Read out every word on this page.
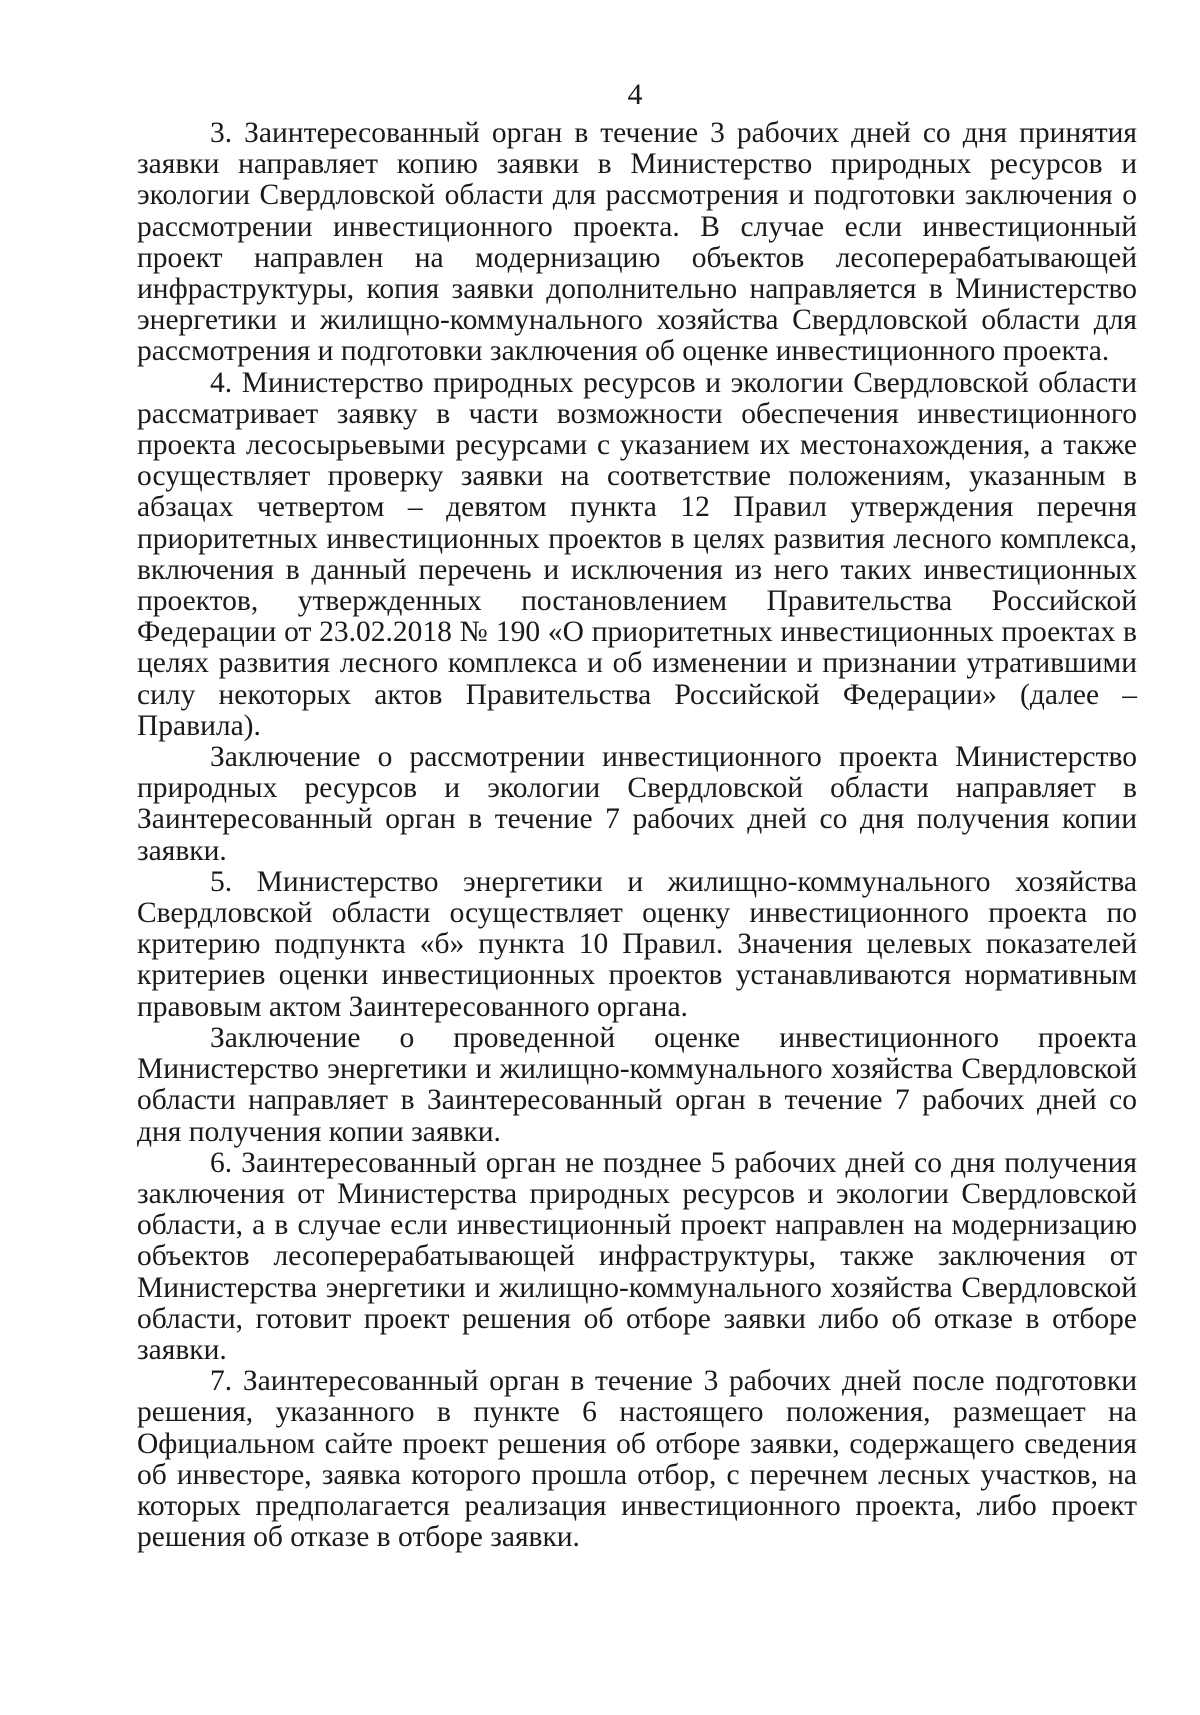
4

3. Заинтересованный орган в течение 3 рабочих дней со дня принятия заявки направляет копию заявки в Министерство природных ресурсов и экологии Свердловской области для рассмотрения и подготовки заключения о рассмотрении инвестиционного проекта. В случае если инвестиционный проект направлен на модернизацию объектов лесоперерабатывающей инфраструктуры, копия заявки дополнительно направляется в Министерство энергетики и жилищно-коммунального хозяйства Свердловской области для рассмотрения и подготовки заключения об оценке инвестиционного проекта.

4. Министерство природных ресурсов и экологии Свердловской области рассматривает заявку в части возможности обеспечения инвестиционного проекта лесосырьевыми ресурсами с указанием их местонахождения, а также осуществляет проверку заявки на соответствие положениям, указанным в абзацах четвертом – девятом пункта 12 Правил утверждения перечня приоритетных инвестиционных проектов в целях развития лесного комплекса, включения в данный перечень и исключения из него таких инвестиционных проектов, утвержденных постановлением Правительства Российской Федерации от 23.02.2018 № 190 «О приоритетных инвестиционных проектах в целях развития лесного комплекса и об изменении и признании утратившими силу некоторых актов Правительства Российской Федерации» (далее – Правила).

Заключение о рассмотрении инвестиционного проекта Министерство природных ресурсов и экологии Свердловской области направляет в Заинтересованный орган в течение 7 рабочих дней со дня получения копии заявки.

5. Министерство энергетики и жилищно-коммунального хозяйства Свердловской области осуществляет оценку инвестиционного проекта по критерию подпункта «б» пункта 10 Правил. Значения целевых показателей критериев оценки инвестиционных проектов устанавливаются нормативным правовым актом Заинтересованного органа.

Заключение о проведенной оценке инвестиционного проекта Министерство энергетики и жилищно-коммунального хозяйства Свердловской области направляет в Заинтересованный орган в течение 7 рабочих дней со дня получения копии заявки.

6. Заинтересованный орган не позднее 5 рабочих дней со дня получения заключения от Министерства природных ресурсов и экологии Свердловской области, а в случае если инвестиционный проект направлен на модернизацию объектов лесоперерабатывающей инфраструктуры, также заключения от Министерства энергетики и жилищно-коммунального хозяйства Свердловской области, готовит проект решения об отборе заявки либо об отказе в отборе заявки.

7. Заинтересованный орган в течение 3 рабочих дней после подготовки решения, указанного в пункте 6 настоящего положения, размещает на Официальном сайте проект решения об отборе заявки, содержащего сведения об инвесторе, заявка которого прошла отбор, с перечнем лесных участков, на которых предполагается реализация инвестиционного проекта, либо проект решения об отказе в отборе заявки.
